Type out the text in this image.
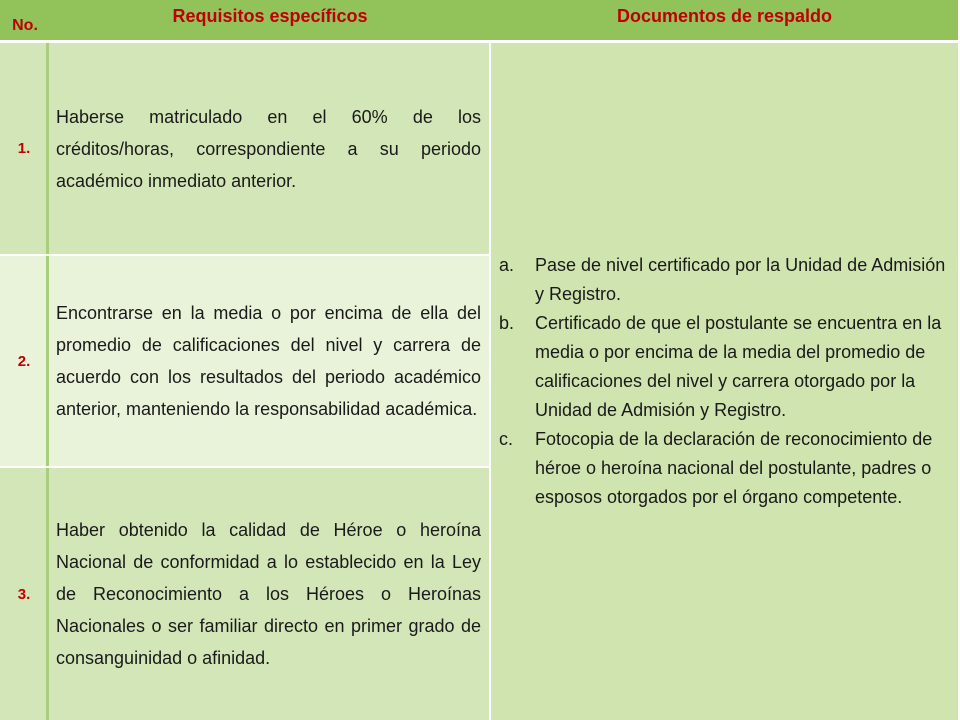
No.	Requisitos específicos	Documentos de respaldo
1.
Haberse matriculado en el 60% de los créditos/horas, correspondiente a su periodo académico inmediato anterior.
2.
Encontrarse en la media o por encima de ella del promedio de calificaciones del nivel y carrera de acuerdo con los resultados del periodo académico anterior, manteniendo la responsabilidad académica.
3.
Haber obtenido la calidad de Héroe o heroína Nacional de conformidad a lo establecido en la Ley de Reconocimiento a los Héroes o Heroínas Nacionales o ser familiar directo en primer grado de consanguinidad o afinidad.
a. Pase de nivel certificado por la Unidad de Admisión y Registro.
b. Certificado de que el postulante se encuentra en la media o por encima de la media del promedio de calificaciones del nivel y carrera otorgado por la Unidad de Admisión y Registro.
c. Fotocopia de la declaración de reconocimiento de héroe o heroína nacional del postulante, padres o esposos otorgados por el órgano competente.
